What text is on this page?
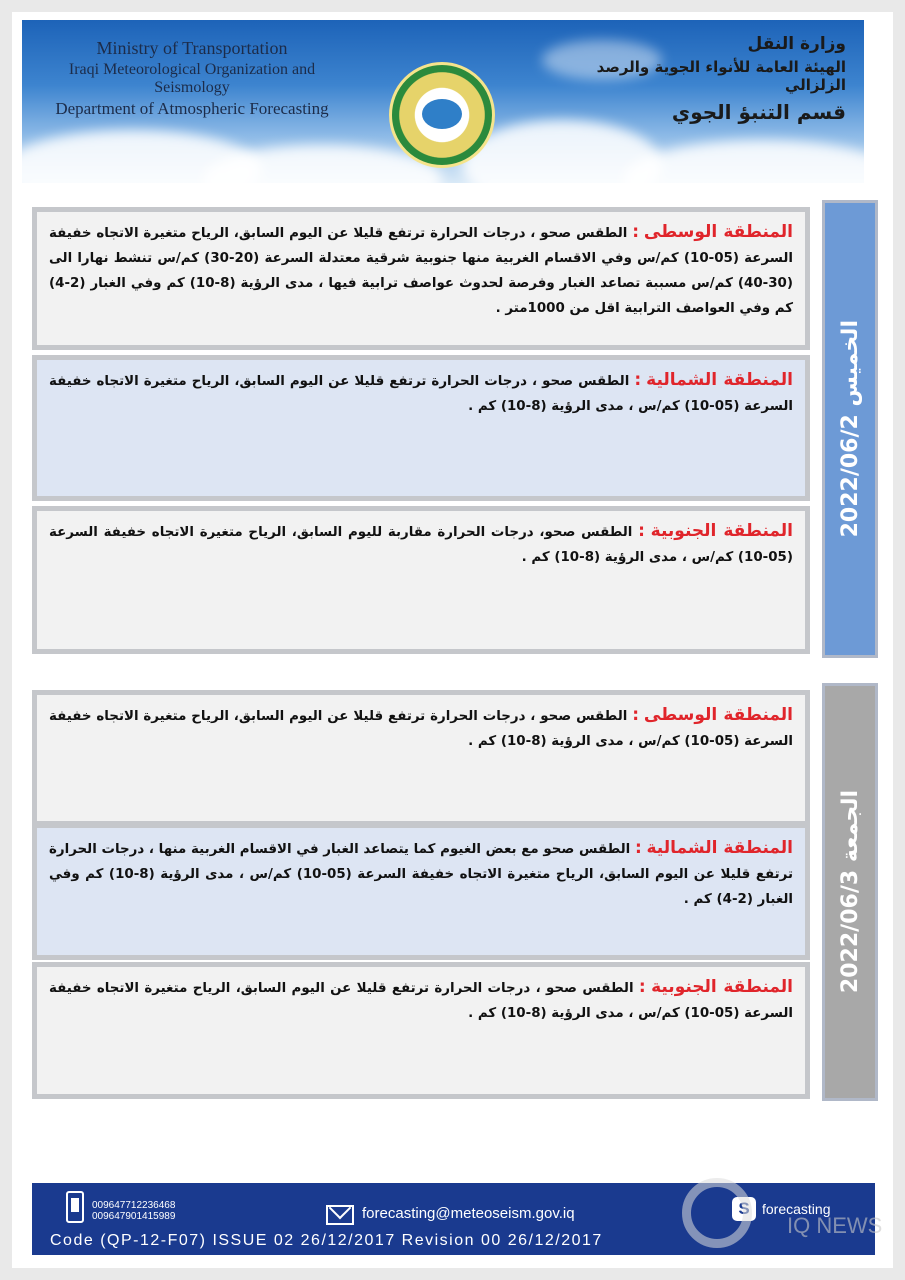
Ministry of Transportation
Iraqi Meteorological Organization and Seismology
Department of Atmospheric Forecasting
وزارة النقل
الهيئة العامة للأنواء الجوية والرصد الزلزالي
قسم التنبؤ الجوي
الخميس 2022/06/2
المنطقة الوسطى : الطقس صحو ، درجات الحرارة ترتفع قليلا عن اليوم السابق، الرياح متغيرة الاتجاه خفيفة السرعة (05-10) كم/س وفي الاقسام الغربية منها جنوبية شرقية معتدلة السرعة (20-30) كم/س تنشط نهارا الى (30-40) كم/س مسببة تصاعد الغبار وفرصة لحدوث عواصف ترابية فيها ، مدى الرؤية (8-10) كم وفي الغبار (2-4) كم وفي العواصف الترابية اقل من 1000متر .
المنطقة الشمالية : الطقس صحو ، درجات الحرارة ترتفع قليلا عن اليوم السابق، الرياح متغيرة الاتجاه خفيفة السرعة (05-10) كم/س ، مدى الرؤية (8-10) كم .
المنطقة الجنوبية : الطقس صحو، درجات الحرارة مقاربة لليوم السابق، الرياح متغيرة الاتجاه خفيفة السرعة (05-10) كم/س ، مدى الرؤية (8-10) كم .
الجمعة 2022/06/3
المنطقة الوسطى : الطقس صحو ، درجات الحرارة ترتفع قليلا عن اليوم السابق، الرياح متغيرة الاتجاه خفيفة السرعة (05-10) كم/س ، مدى الرؤية (8-10) كم .
المنطقة الشمالية : الطقس صحو مع بعض الغيوم كما يتصاعد الغبار في الاقسام الغربية منها ، درجات الحرارة ترتفع قليلا عن اليوم السابق، الرياح متغيرة الاتجاه خفيفة السرعة (05-10) كم/س ، مدى الرؤية (8-10) كم وفي الغبار (2-4) كم .
المنطقة الجنوبية : الطقس صحو ، درجات الحرارة ترتفع قليلا عن اليوم السابق، الرياح متغيرة الاتجاه خفيفة السرعة (05-10) كم/س ، مدى الرؤية (8-10) كم .
009647712236468
009647901415989	forecasting@meteoseism.gov.iq	S forecasting
Code (QP-12-F07) ISSUE 02 26/12/2017 Revision 00 26/12/2017
IQ NEWS
